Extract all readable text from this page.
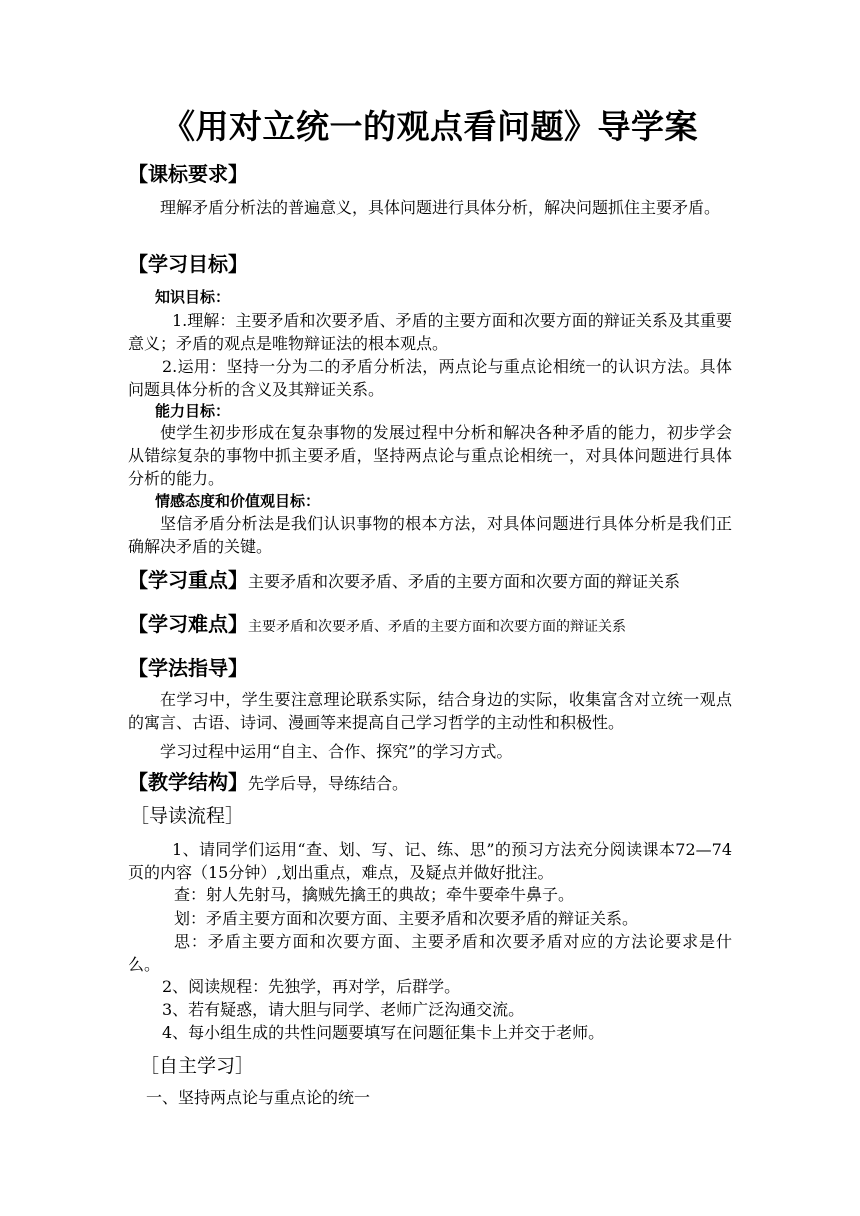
《用对立统一的观点看问题》导学案
【课标要求】
理解矛盾分析法的普遍意义，具体问题进行具体分析，解决问题抓住主要矛盾。
【学习目标】
知识目标：
1.理解：主要矛盾和次要矛盾、矛盾的主要方面和次要方面的辩证关系及其重要意义；矛盾的观点是唯物辩证法的根本观点。
2.运用：坚持一分为二的矛盾分析法，两点论与重点论相统一的认识方法。具体问题具体分析的含义及其辩证关系。
能力目标：
使学生初步形成在复杂事物的发展过程中分析和解决各种矛盾的能力，初步学会从错综复杂的事物中抓主要矛盾，坚持两点论与重点论相统一，对具体问题进行具体分析的能力。
情感态度和价值观目标：
坚信矛盾分析法是我们认识事物的根本方法，对具体问题进行具体分析是我们正确解决矛盾的关键。
【学习重点】主要矛盾和次要矛盾、矛盾的主要方面和次要方面的辩证关系
【学习难点】主要矛盾和次要矛盾、矛盾的主要方面和次要方面的辩证关系
【学法指导】
在学习中，学生要注意理论联系实际，结合身边的实际，收集富含对立统一观点的寓言、古语、诗词、漫画等来提高自己学习哲学的主动性和积极性。
学习过程中运用“自主、合作、探究”的学习方式。
【教学结构】先学后导，导练结合。
［导读流程］
1、请同学们运用“查、划、写、记、练、思”的预习方法充分阅读课本72—74页的内容（15分钟）,划出重点，难点，及疑点并做好批注。
查：射人先射马，擒贼先擒王的典故；牵牛要牵牛鼻子。
划：矛盾主要方面和次要方面、主要矛盾和次要矛盾的辩证关系。
思：矛盾主要方面和次要方面、主要矛盾和次要矛盾对应的方法论要求是什么。
2、阅读规程：先独学，再对学，后群学。
3、若有疑惑，请大胆与同学、老师广泛沟通交流。
4、每小组生成的共性问题要填写在问题征集卡上并交于老师。
［自主学习］
一、坚持两点论与重点论的统一
